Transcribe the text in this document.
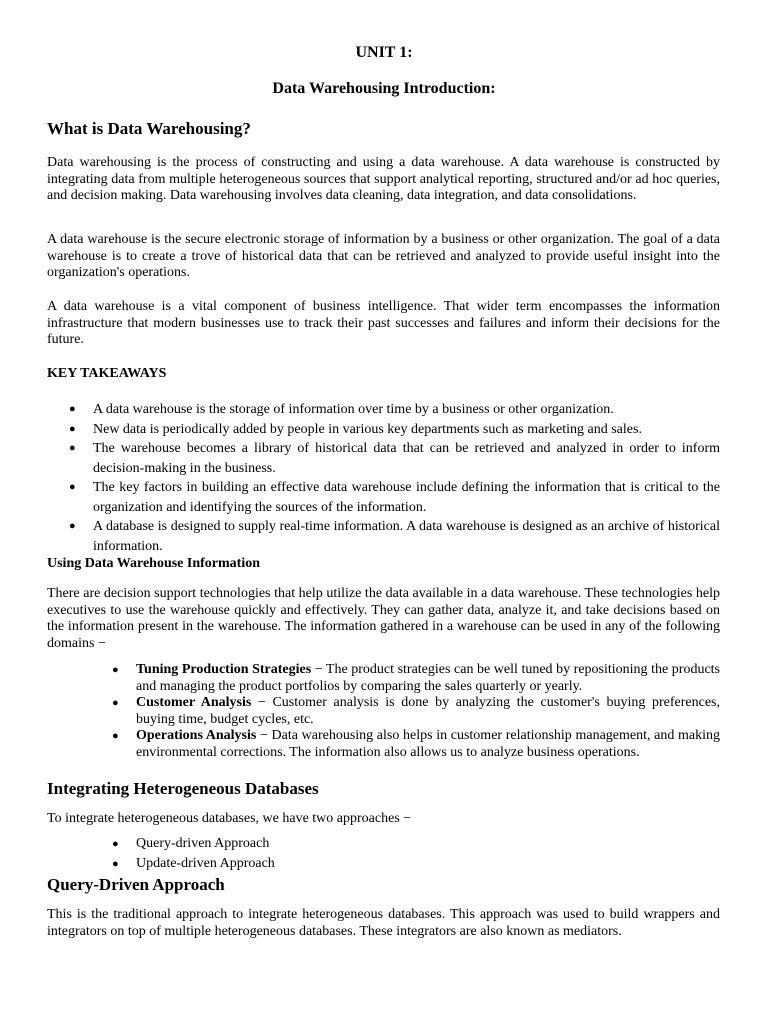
UNIT 1:
Data Warehousing Introduction:
What is Data Warehousing?

Data warehousing is the process of constructing and using a data warehouse. A data warehouse is constructed by integrating data from multiple heterogeneous sources that support analytical reporting, structured and/or ad hoc queries, and decision making. Data warehousing involves data cleaning, data integration, and data consolidations.

A data warehouse is the secure electronic storage of information by a business or other organization. The goal of a data warehouse is to create a trove of historical data that can be retrieved and analyzed to provide useful insight into the organization's operations.

A data warehouse is a vital component of business intelligence. That wider term encompasses the information infrastructure that modern businesses use to track their past successes and failures and inform their decisions for the future.

KEY TAKEAWAYS
● A data warehouse is the storage of information over time by a business or other organization.
● New data is periodically added by people in various key departments such as marketing and sales.
● The warehouse becomes a library of historical data that can be retrieved and analyzed in order to inform decision-making in the business.
● The key factors in building an effective data warehouse include defining the information that is critical to the organization and identifying the sources of the information.
● A database is designed to supply real-time information. A data warehouse is designed as an archive of historical information.
Using Data Warehouse Information

There are decision support technologies that help utilize the data available in a data warehouse. These technologies help executives to use the warehouse quickly and effectively. They can gather data, analyze it, and take decisions based on the information present in the warehouse. The information gathered in a warehouse can be used in any of the following domains −

● Tuning Production Strategies − The product strategies can be well tuned by repositioning the products and managing the product portfolios by comparing the sales quarterly or yearly.
● Customer Analysis − Customer analysis is done by analyzing the customer's buying preferences, buying time, budget cycles, etc.
● Operations Analysis − Data warehousing also helps in customer relationship management, and making environmental corrections. The information also allows us to analyze business operations.
Integrating Heterogeneous Databases
To integrate heterogeneous databases, we have two approaches −
● Query-driven Approach
● Update-driven Approach
Query-Driven Approach

This is the traditional approach to integrate heterogeneous databases. This approach was used to build wrappers and integrators on top of multiple heterogeneous databases. These integrators are also known as mediators.
